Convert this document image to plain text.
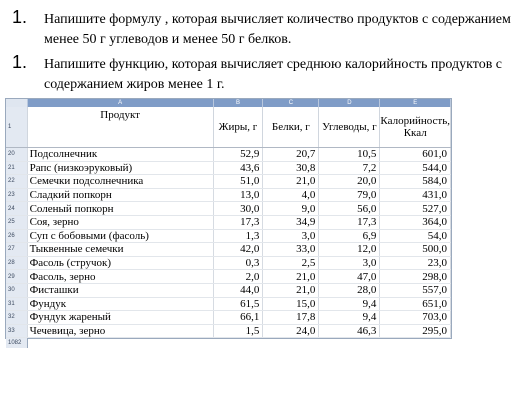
1. Напишите формулу , которая вычисляет количество продуктов с содержанием менее 50 г углеводов и менее 50 г белков.
1. Напишите функцию, которая вычисляет среднюю калорийность продуктов с содержанием жиров менее 1 г.
	A	B	C	D	E
1	Продукт	Жиры, г	Белки, г	Углеводы, г	Калорийность, Ккал
20	Подсолнечник	52,9	20,7	10,5	601,0
21	Рапс (низкоэруковый)	43,6	30,8	7,2	544,0
22	Семечки подсолнечника	51,0	21,0	20,0	584,0
23	Сладкий попкорн	13,0	4,0	79,0	431,0
24	Соленый попкорн	30,0	9,0	56,0	527,0
25	Соя, зерно	17,3	34,9	17,3	364,0
26	Суп с бобовыми (фасоль)	1,3	3,0	6,9	54,0
27	Тыквенные семечки	42,0	33,0	12,0	500,0
28	Фасоль (стручок)	0,3	2,5	3,0	23,0
29	Фасоль, зерно	2,0	21,0	47,0	298,0
30	Фисташки	44,0	21,0	28,0	557,0
31	Фундук	61,5	15,0	9,4	651,0
32	Фундук жареный	66,1	17,8	9,4	703,0
33	Чечевица, зерно	1,5	24,0	46,3	295,0
1082					
